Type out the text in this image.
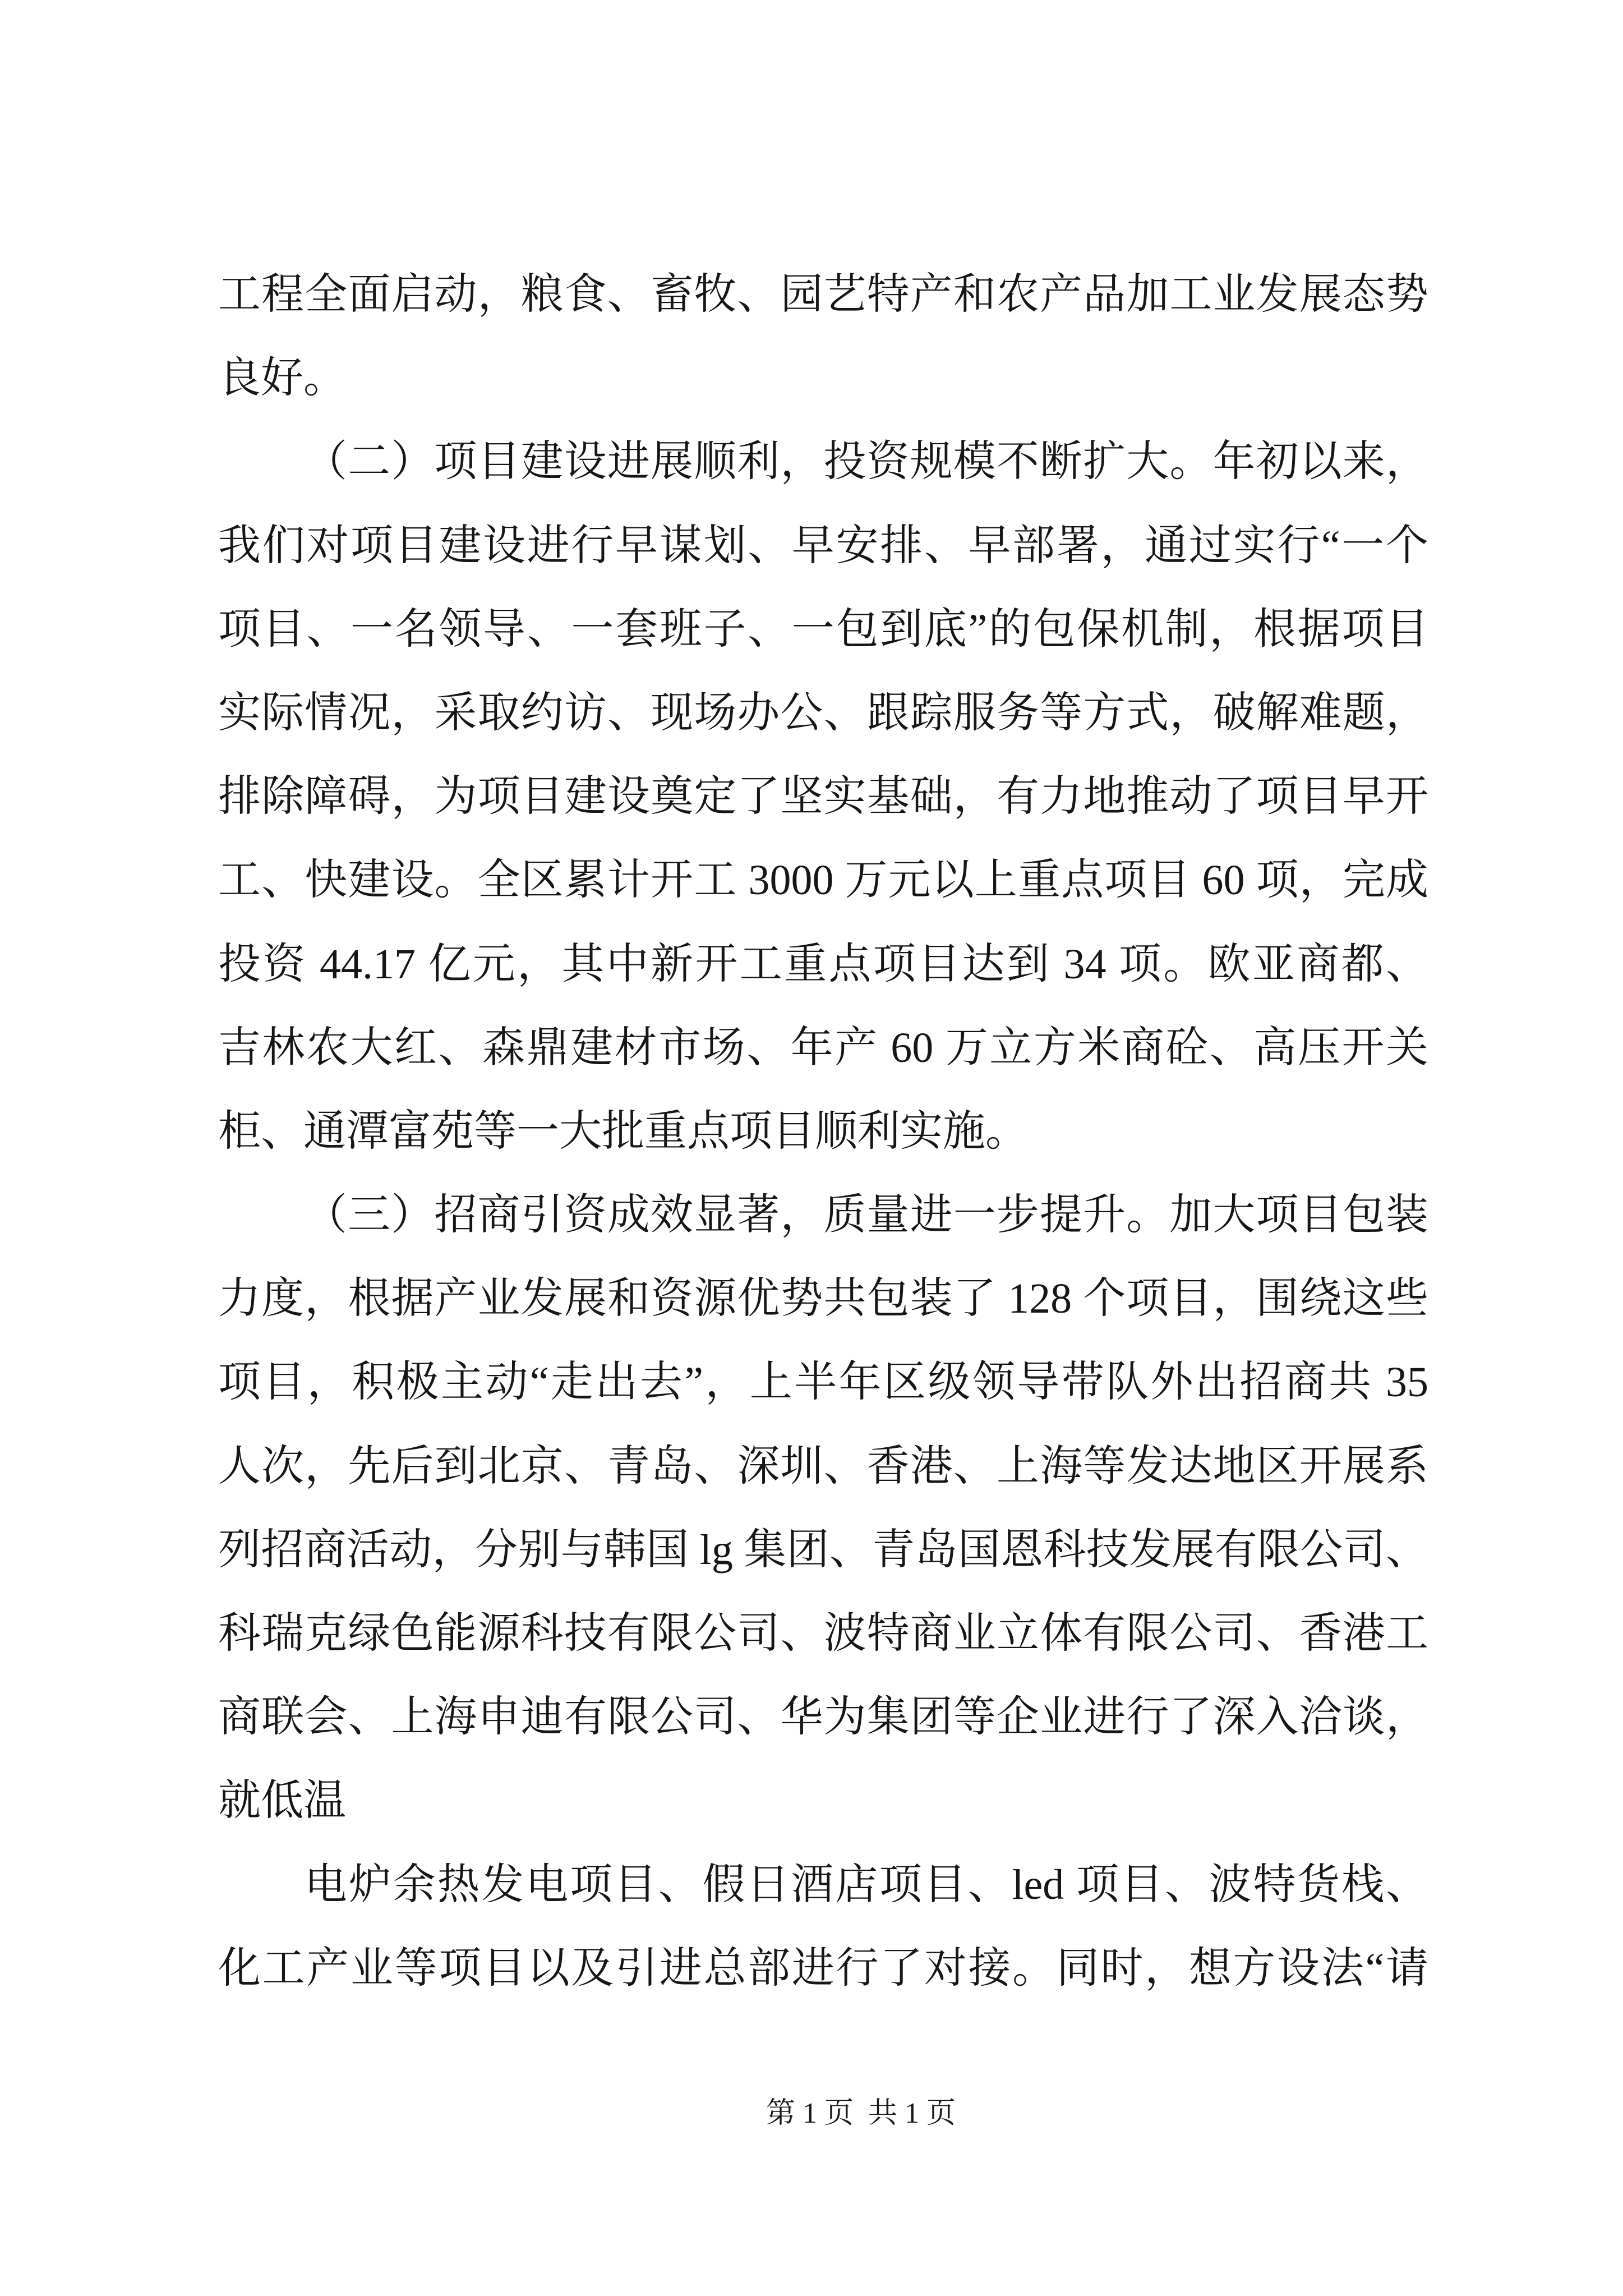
工程全面启动，粮食、畜牧、园艺特产和农产品加工业发展态势
良好。
（二）项目建设进展顺利，投资规模不断扩大。年初以来，
我们对项目建设进行早谋划、早安排、早部署，通过实行“一个
项目、一名领导、一套班子、一包到底”的包保机制，根据项目
实际情况，采取约访、现场办公、跟踪服务等方式，破解难题，
排除障碍，为项目建设奠定了坚实基础，有力地推动了项目早开
工、快建设。全区累计开工 3000 万元以上重点项目 60 项，完成
投资 44.17 亿元，其中新开工重点项目达到 34 项。欧亚商都、
吉林农大红、森鼎建材市场、年产 60 万立方米商砼、高压开关
柜、通潭富苑等一大批重点项目顺利实施。
（三）招商引资成效显著，质量进一步提升。加大项目包装
力度，根据产业发展和资源优势共包装了 128 个项目，围绕这些
项目，积极主动“走出去”，上半年区级领导带队外出招商共 35
人次，先后到北京、青岛、深圳、香港、上海等发达地区开展系
列招商活动，分别与韩国 lg 集团、青岛国恩科技发展有限公司、
科瑞克绿色能源科技有限公司、波特商业立体有限公司、香港工
商联会、上海申迪有限公司、华为集团等企业进行了深入洽谈，
就低温
电炉余热发电项目、假日酒店项目、led 项目、波特货栈、
化工产业等项目以及引进总部进行了对接。同时，想方设法“请
第 1 页  共 1 页
